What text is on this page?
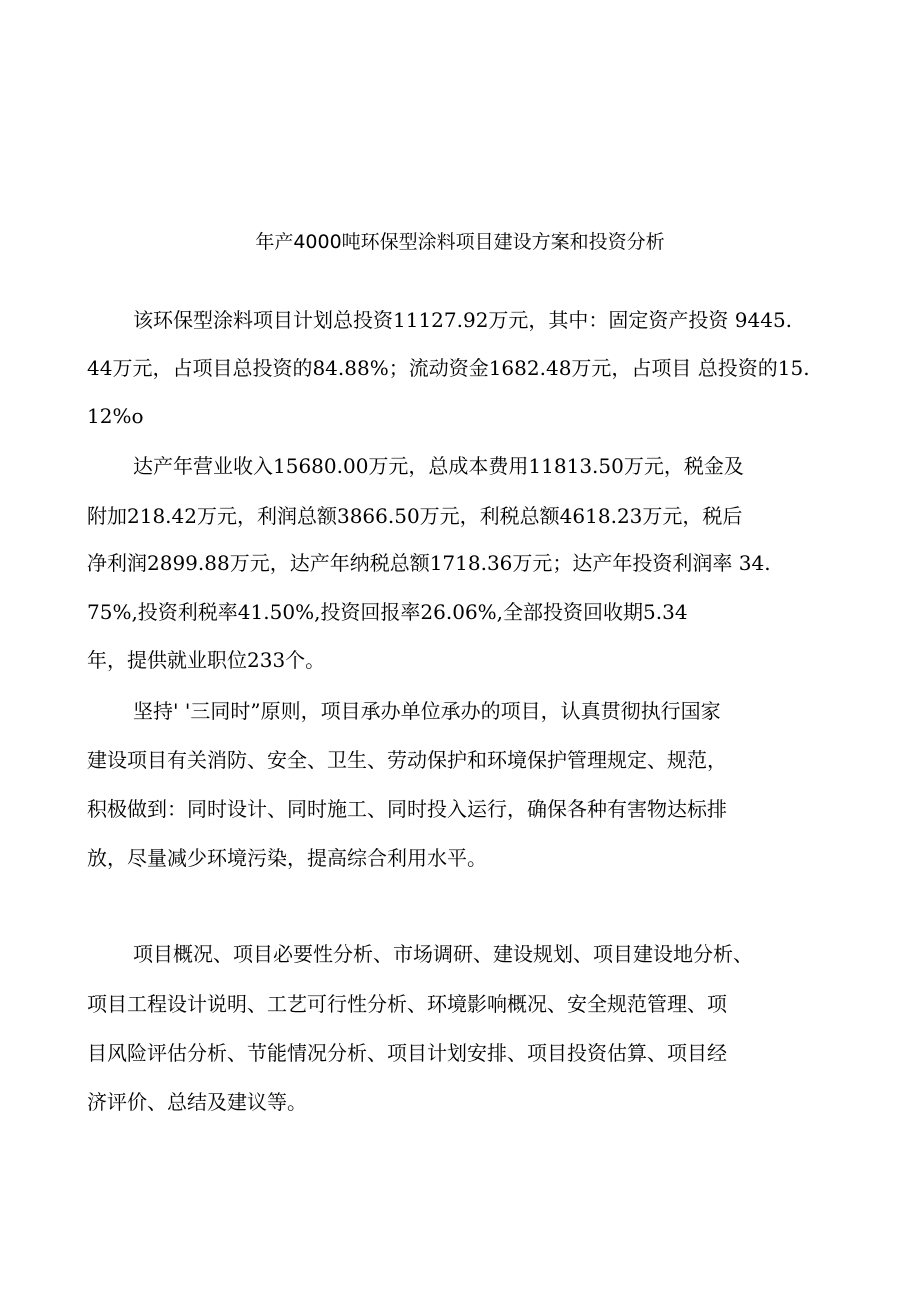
年产4000吨环保型涂料项目建设方案和投资分析
该环保型涂料项目计划总投资11127.92万元，其中：固定资产投资 9445.
44万元，占项目总投资的84.88%；流动资金1682.48万元，占项目 总投资的15.
12%o
达产年营业收入15680.00万元，总成本费用11813.50万元，税金及
附加218.42万元，利润总额3866.50万元，利税总额4618.23万元，税后
净利润2899.88万元，达产年纳税总额1718.36万元；达产年投资利润率 34.
75%,投资利税率41.50%,投资回报率26.06%,全部投资回收期5.34
年，提供就业职位233个。
坚持' '三同时”原则，项目承办单位承办的项目，认真贯彻执行国家
建设项目有关消防、安全、卫生、劳动保护和环境保护管理规定、规范，
积极做到：同时设计、同时施工、同时投入运行，确保各种有害物达标排
放，尽量减少环境污染，提高综合利用水平。
项目概况、项目必要性分析、市场调研、建设规划、项目建设地分析、
项目工程设计说明、工艺可行性分析、环境影响概况、安全规范管理、项
目风险评估分析、节能情况分析、项目计划安排、项目投资估算、项目经
济评价、总结及建议等。
